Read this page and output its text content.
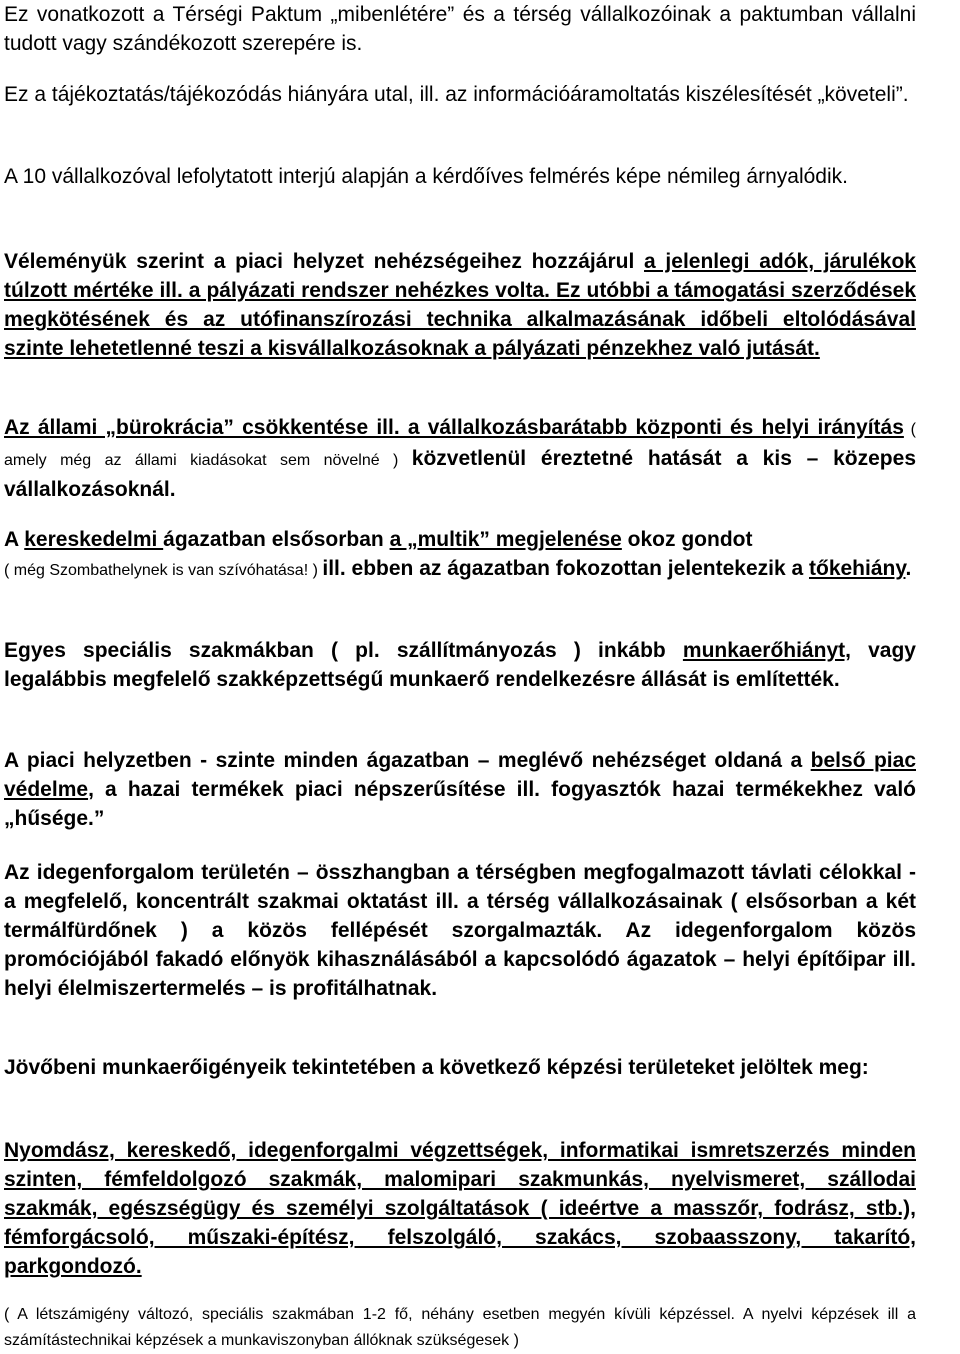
Ez vonatkozott a Térségi Paktum „mibenlétére” és a térség vállalkozóinak a paktumban vállalni tudott vagy szándékozott szerepére is.

Ez a tájékoztatás/tájékozódás hiányára utal, ill. az információáramoltatás kiszélesítését „követeli”.

A 10 vállalkozóval lefolytatott interjú alapján a kérdőíves felmérés képe némileg árnyalódik.

Véleményük szerint a piaci helyzet nehézségeihez hozzájárul a jelenlegi adók, járulékok túlzott mértéke ill. a pályázati rendszer nehézkes volta. Ez utóbbi a támogatási szerződések megkötésének és az utófinanszírozási technika alkalmazásának időbeli eltolódásával szinte lehetetlenné teszi a kisvállalkozásoknak a pályázati pénzekhez való jutását.

Az állami „bürokrácia” csökkentése ill. a vállalkozásbarátabb központi és helyi irányítás ( amely még az állami kiadásokat sem növelné ) közvetlenül éreztetné hatását a kis – közepes vállalkozásoknál.

A kereskedelmi ágazatban elsősorban a „multik” megjelenése okoz gondot
( még Szombathelynek is van szívóhatása! ) ill. ebben az ágazatban fokozottan jelentekezik a tőkehiány.

Egyes speciális szakmákban ( pl. szállítmányozás ) inkább munkaerőhiányt, vagy legalábbis megfelelő szakképzettségű munkaerő rendelkezésre állását is említették.

A piaci helyzetben - szinte minden ágazatban – meglévő nehézséget oldaná a belső piac védelme, a hazai termékek piaci népszerűsítése ill. fogyasztók hazai termékekhez való „hűsége.”

Az idegenforgalom területén – összhangban a térségben megfogalmazott távlati célokkal - a megfelelő, koncentrált szakmai oktatást ill. a térség vállalkozásainak ( elsősorban a két termálfürdőnek ) a közös fellépését szorgalmazták. Az idegenforgalom közös promóciójából fakadó előnyök kihasználásából a kapcsolódó ágazatok – helyi építőipar ill. helyi élelmiszertermelés – is profitálhatnak.

Jövőbeni munkaerőigényeik tekintetében a következő képzési területeket jelöltek meg:

Nyomdász, kereskedő, idegenforgalmi végzettségek, informatikai ismretszerzés minden szinten, fémfeldolgozó szakmák, malomipari szakmunkás, nyelvismeret, szállodai szakmák, egészségügy és személyi szolgáltatások ( ideértve a masszőr, fodrász, stb.), fémforgácsoló, műszaki-építész, felszolgáló, szakács, szobaasszony, takarító, parkgondozó.

( A létszámigény változó, speciális szakmában 1-2 fő, néhány esetben megyén kívüli képzéssel. A nyelvi képzések ill a számítástechnikai képzések a munkaviszonyban állóknak szükségesek )
